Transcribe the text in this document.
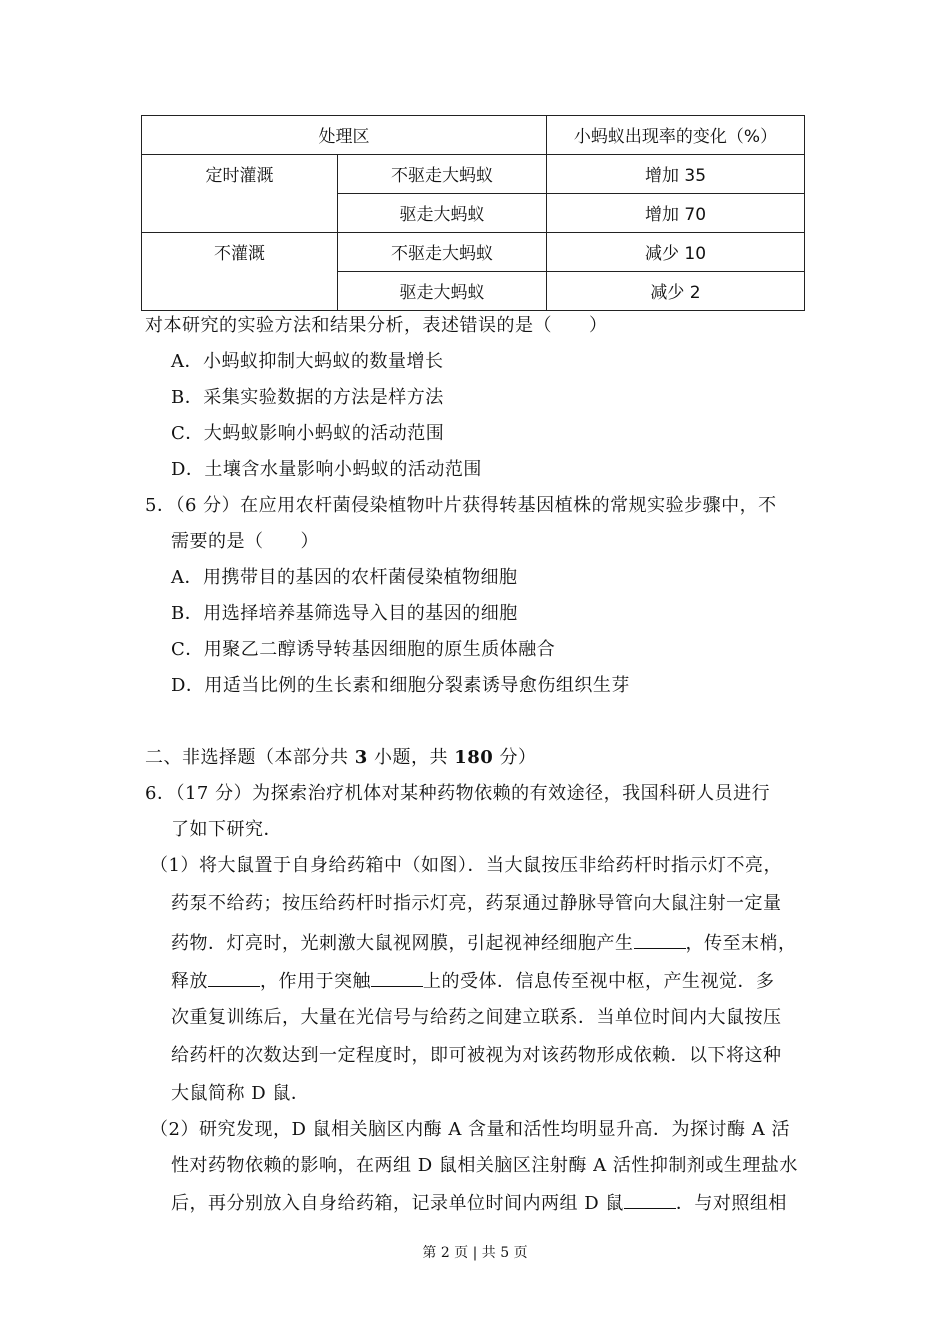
处理区		小蚂蚁出现率的变化（%）
定时灌溉	不驱走大蚂蚁	增加 35
	驱走大蚂蚁	增加 70
不灌溉	不驱走大蚂蚁	减少 10
	驱走大蚂蚁	减少 2
对本研究的实验方法和结果分析，表述错误的是（　　）
A．小蚂蚁抑制大蚂蚁的数量增长
B．采集实验数据的方法是样方法
C．大蚂蚁影响小蚂蚁的活动范围
D．土壤含水量影响小蚂蚁的活动范围
5．（6 分）在应用农杆菌侵染植物叶片获得转基因植株的常规实验步骤中，不
需要的是（　　）
A．用携带目的基因的农杆菌侵染植物细胞
B．用选择培养基筛选导入目的基因的细胞
C．用聚乙二醇诱导转基因细胞的原生质体融合
D．用适当比例的生长素和细胞分裂素诱导愈伤组织生芽
二、非选择题（本部分共 3 小题，共 180 分）
6．（17 分）为探索治疗机体对某种药物依赖的有效途径，我国科研人员进行
了如下研究．
（1）将大鼠置于自身给药箱中（如图）．当大鼠按压非给药杆时指示灯不亮，
药泵不给药；按压给药杆时指示灯亮，药泵通过静脉导管向大鼠注射一定量
药物．灯亮时，光刺激大鼠视网膜，引起视神经细胞产生	，传至末梢，
释放	，作用于突触	上的受体．信息传至视中枢，产生视觉．多
次重复训练后，大量在光信号与给药之间建立联系．当单位时间内大鼠按压
给药杆的次数达到一定程度时，即可被视为对该药物形成依赖．以下将这种
大鼠简称 D 鼠．
（2）研究发现，D 鼠相关脑区内酶 A 含量和活性均明显升高．为探讨酶 A 活
性对药物依赖的影响，在两组 D 鼠相关脑区注射酶 A 活性抑制剂或生理盐水
后，再分别放入自身给药箱，记录单位时间内两组 D 鼠	．与对照组相
第 2 页 | 共 5 页
